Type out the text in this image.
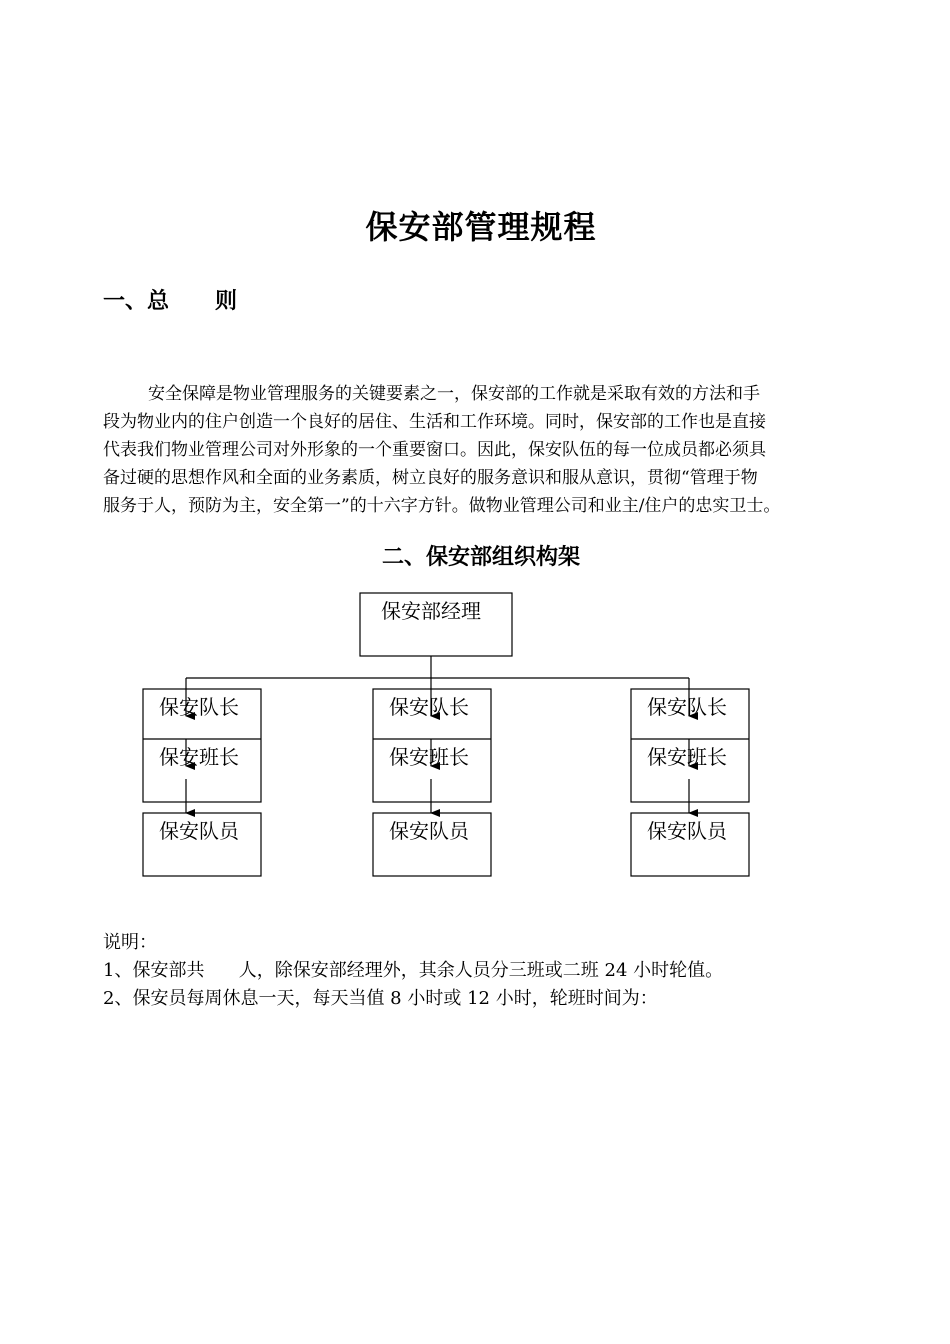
保安部管理规程
一、总      则

安全保障是物业管理服务的关键要素之一，保安部的工作就是采取有效的方法和手
段为物业内的住户创造一个良好的居住、生活和工作环境。同时，保安部的工作也是直接
代表我们物业管理公司对外形象的一个重要窗口。因此，保安队伍的每一位成员都必须具
备过硬的思想作风和全面的业务素质，树立良好的服务意识和服从意识，贯彻“管理于物
服务于人，预防为主，安全第一”的十六字方针。做物业管理公司和业主/住户的忠实卫士。

二、保安部组织构架
保安部经理
保安队长
保安班长
保安队员
保安队长
保安班长
保安队员
保安队长
保安班长
保安队员
说明：
1、保安部共      人，除保安部经理外，其余人员分三班或二班 24 小时轮值。
2、保安员每周休息一天，每天当值 8 小时或 12 小时，轮班时间为：
